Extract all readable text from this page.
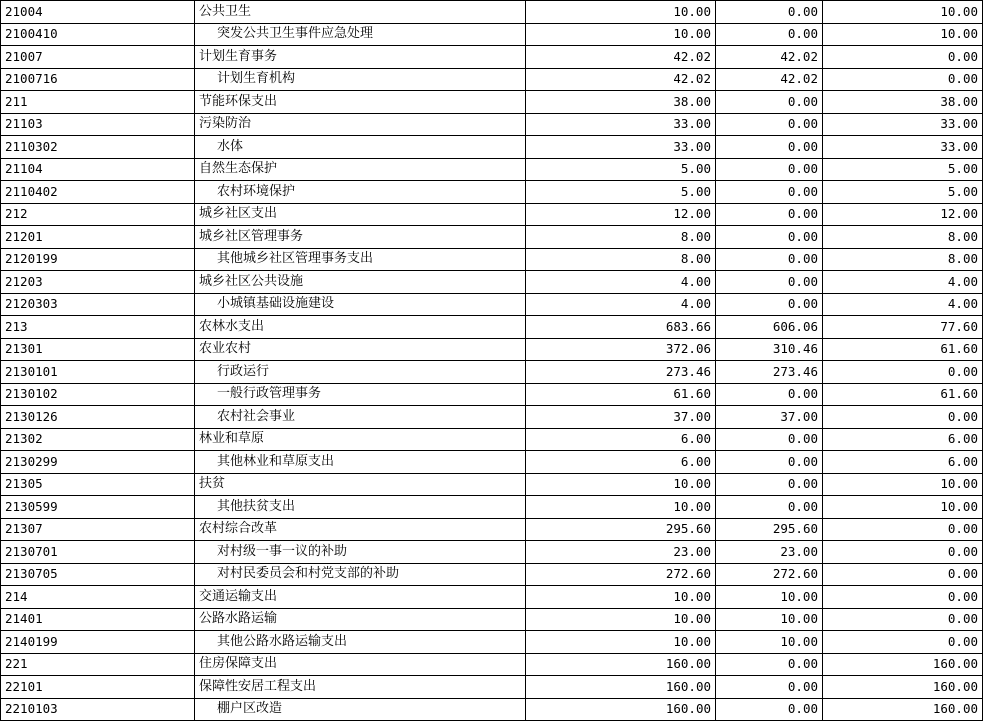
21004	公共卫生	10.00	0.00	10.00
2100410	突发公共卫生事件应急处理	10.00	0.00	10.00
21007	计划生育事务	42.02	42.02	0.00
2100716	计划生育机构	42.02	42.02	0.00
211	节能环保支出	38.00	0.00	38.00
21103	污染防治	33.00	0.00	33.00
2110302	水体	33.00	0.00	33.00
21104	自然生态保护	5.00	0.00	5.00
2110402	农村环境保护	5.00	0.00	5.00
212	城乡社区支出	12.00	0.00	12.00
21201	城乡社区管理事务	8.00	0.00	8.00
2120199	其他城乡社区管理事务支出	8.00	0.00	8.00
21203	城乡社区公共设施	4.00	0.00	4.00
2120303	小城镇基础设施建设	4.00	0.00	4.00
213	农林水支出	683.66	606.06	77.60
21301	农业农村	372.06	310.46	61.60
2130101	行政运行	273.46	273.46	0.00
2130102	一般行政管理事务	61.60	0.00	61.60
2130126	农村社会事业	37.00	37.00	0.00
21302	林业和草原	6.00	0.00	6.00
2130299	其他林业和草原支出	6.00	0.00	6.00
21305	扶贫	10.00	0.00	10.00
2130599	其他扶贫支出	10.00	0.00	10.00
21307	农村综合改革	295.60	295.60	0.00
2130701	对村级一事一议的补助	23.00	23.00	0.00
2130705	对村民委员会和村党支部的补助	272.60	272.60	0.00
214	交通运输支出	10.00	10.00	0.00
21401	公路水路运输	10.00	10.00	0.00
2140199	其他公路水路运输支出	10.00	10.00	0.00
221	住房保障支出	160.00	0.00	160.00
22101	保障性安居工程支出	160.00	0.00	160.00
2210103	棚户区改造	160.00	0.00	160.00
